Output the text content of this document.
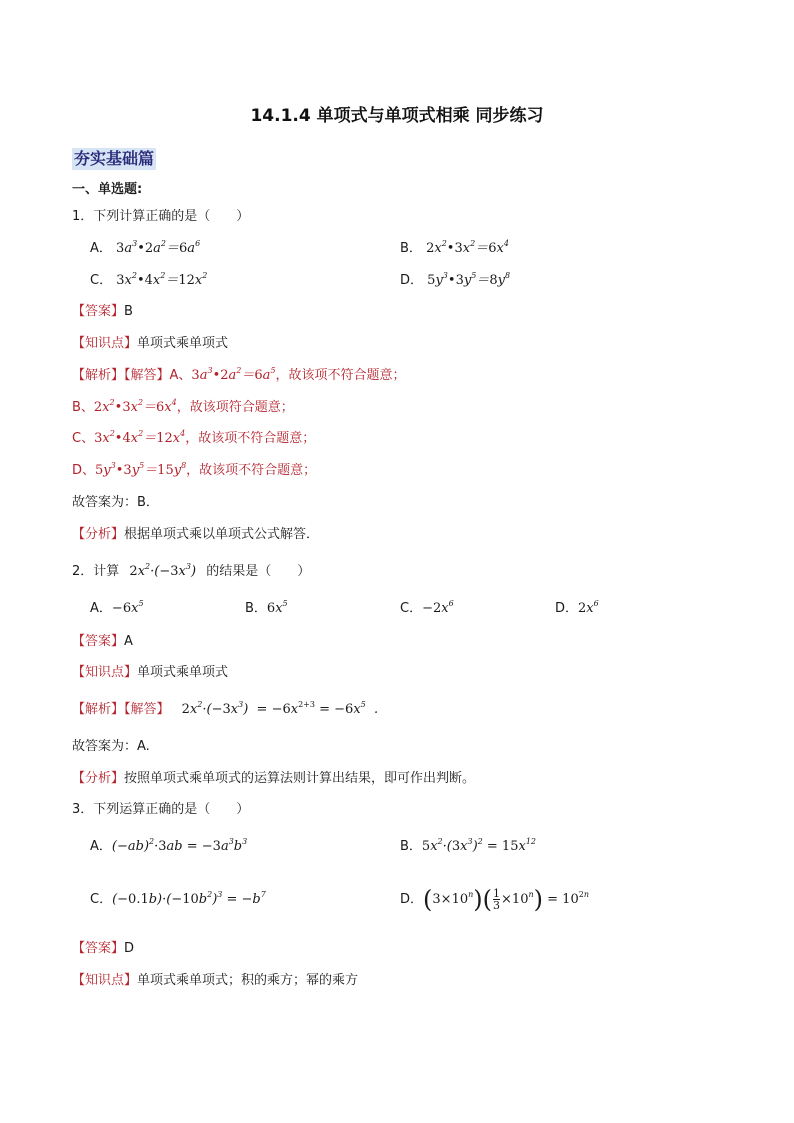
14.1.4 单项式与单项式相乘 同步练习
夯实基础篇
一、单选题:
1．下列计算正确的是（　　）
A． $3a^3•2a^2=6a^6$	B． $2x^2•3x^2=6x^4$
C． $3x^2•4x^2=12x^2$	D． $5y^3•3y^5=8y^8$
【答案】B
【知识点】单项式乘单项式
【解析】【解答】A、$3a^3•2a^2=6a^5$，故该项不符合题意；
B、$2x^2•3x^2=6x^4$，故该项符合题意；
C、$3x^2•4x^2=12x^4$，故该项不符合题意；
D、$5y^3•3y^5=15y^8$，故该项不符合题意；
故答案为：B．
【分析】根据单项式乘以单项式公式解答．
2．计算 $2x^2\cdot(-3x^3)$ 的结果是（　　）
A．$-6x^5$	B．$6x^5$	C．$-2x^6$	D．$2x^6$
【答案】A
【知识点】单项式乘单项式
【解析】【解答】 $2x^2\cdot(-3x^3) = -6x^{2+3} = -6x^5$  .
故答案为：A.
【分析】按照单项式乘单项式的运算法则计算出结果，即可作出判断。
3．下列运算正确的是（　　）
A．$(-ab)^2\cdot 3ab = -3a^3b^3$	B．$5x^2\cdot(3x^3)^2 = 15x^{12}$
C．$(-0.1b)\cdot(-10b^2)^3 = -b^7$	D．$(3\times 10^n)( \frac{1}{3} \times 10^n) = 10^{2n}$
【答案】D
【知识点】单项式乘单项式；积的乘方；幂的乘方
